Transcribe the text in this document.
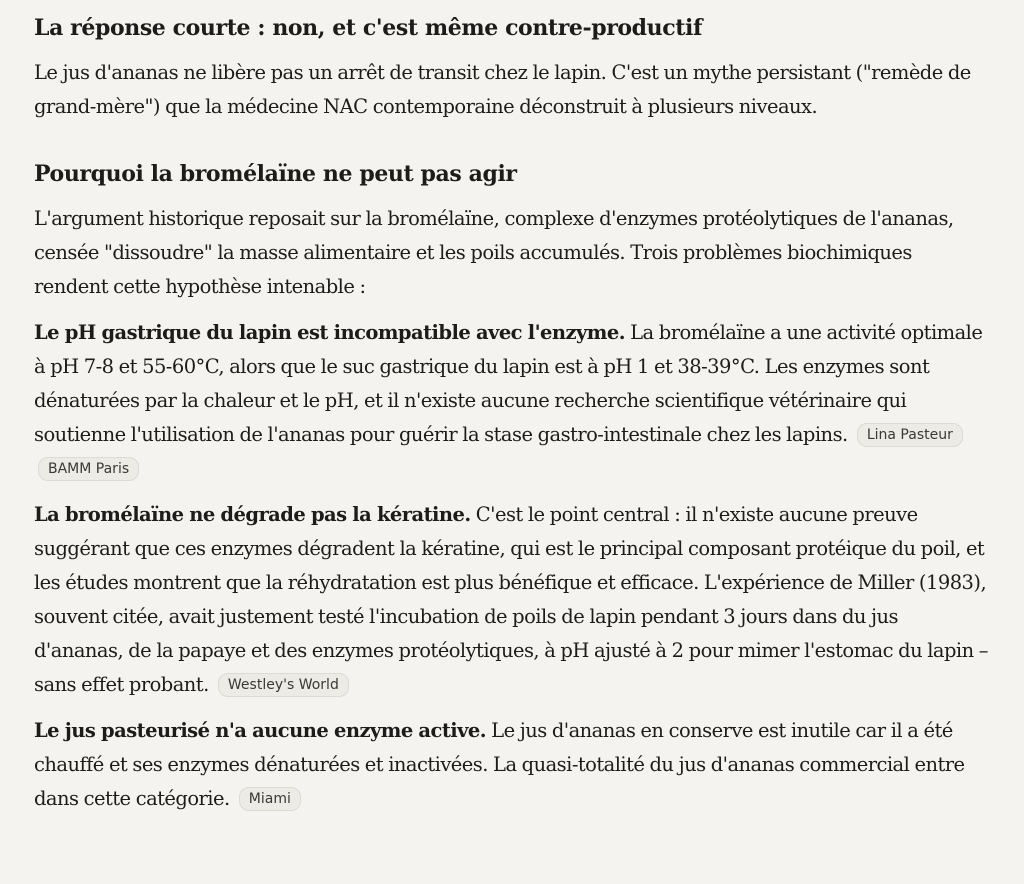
La réponse courte : non, et c'est même contre-productif

Le jus d'ananas ne libère pas un arrêt de transit chez le lapin. C'est un mythe persistant ("remède de grand-mère") que la médecine NAC contemporaine déconstruit à plusieurs niveaux.

Pourquoi la bromélaïne ne peut pas agir

L'argument historique reposait sur la bromélaïne, complexe d'enzymes protéolytiques de l'ananas, censée "dissoudre" la masse alimentaire et les poils accumulés. Trois problèmes biochimiques rendent cette hypothèse intenable :

Le pH gastrique du lapin est incompatible avec l'enzyme. La bromélaïne a une activité optimale à pH 7-8 et 55-60°C, alors que le suc gastrique du lapin est à pH 1 et 38-39°C. Les enzymes sont dénaturées par la chaleur et le pH, et il n'existe aucune recherche scientifique vétérinaire qui soutienne l'utilisation de l'ananas pour guérir la stase gastro-intestinale chez les lapins. Lina PasteurBAMM Paris

La bromélaïne ne dégrade pas la kératine. C'est le point central : il n'existe aucune preuve suggérant que ces enzymes dégradent la kératine, qui est le principal composant protéique du poil, et les études montrent que la réhydratation est plus bénéfique et efficace. L'expérience de Miller (1983), souvent citée, avait justement testé l'incubation de poils de lapin pendant 3 jours dans du jus d'ananas, de la papaye et des enzymes protéolytiques, à pH ajusté à 2 pour mimer l'estomac du lapin – sans effet probant. Westley's World

Le jus pasteurisé n'a aucune enzyme active. Le jus d'ananas en conserve est inutile car il a été chauffé et ses enzymes dénaturées et inactivées. La quasi-totalité du jus d'ananas commercial entre dans cette catégorie. Miami
